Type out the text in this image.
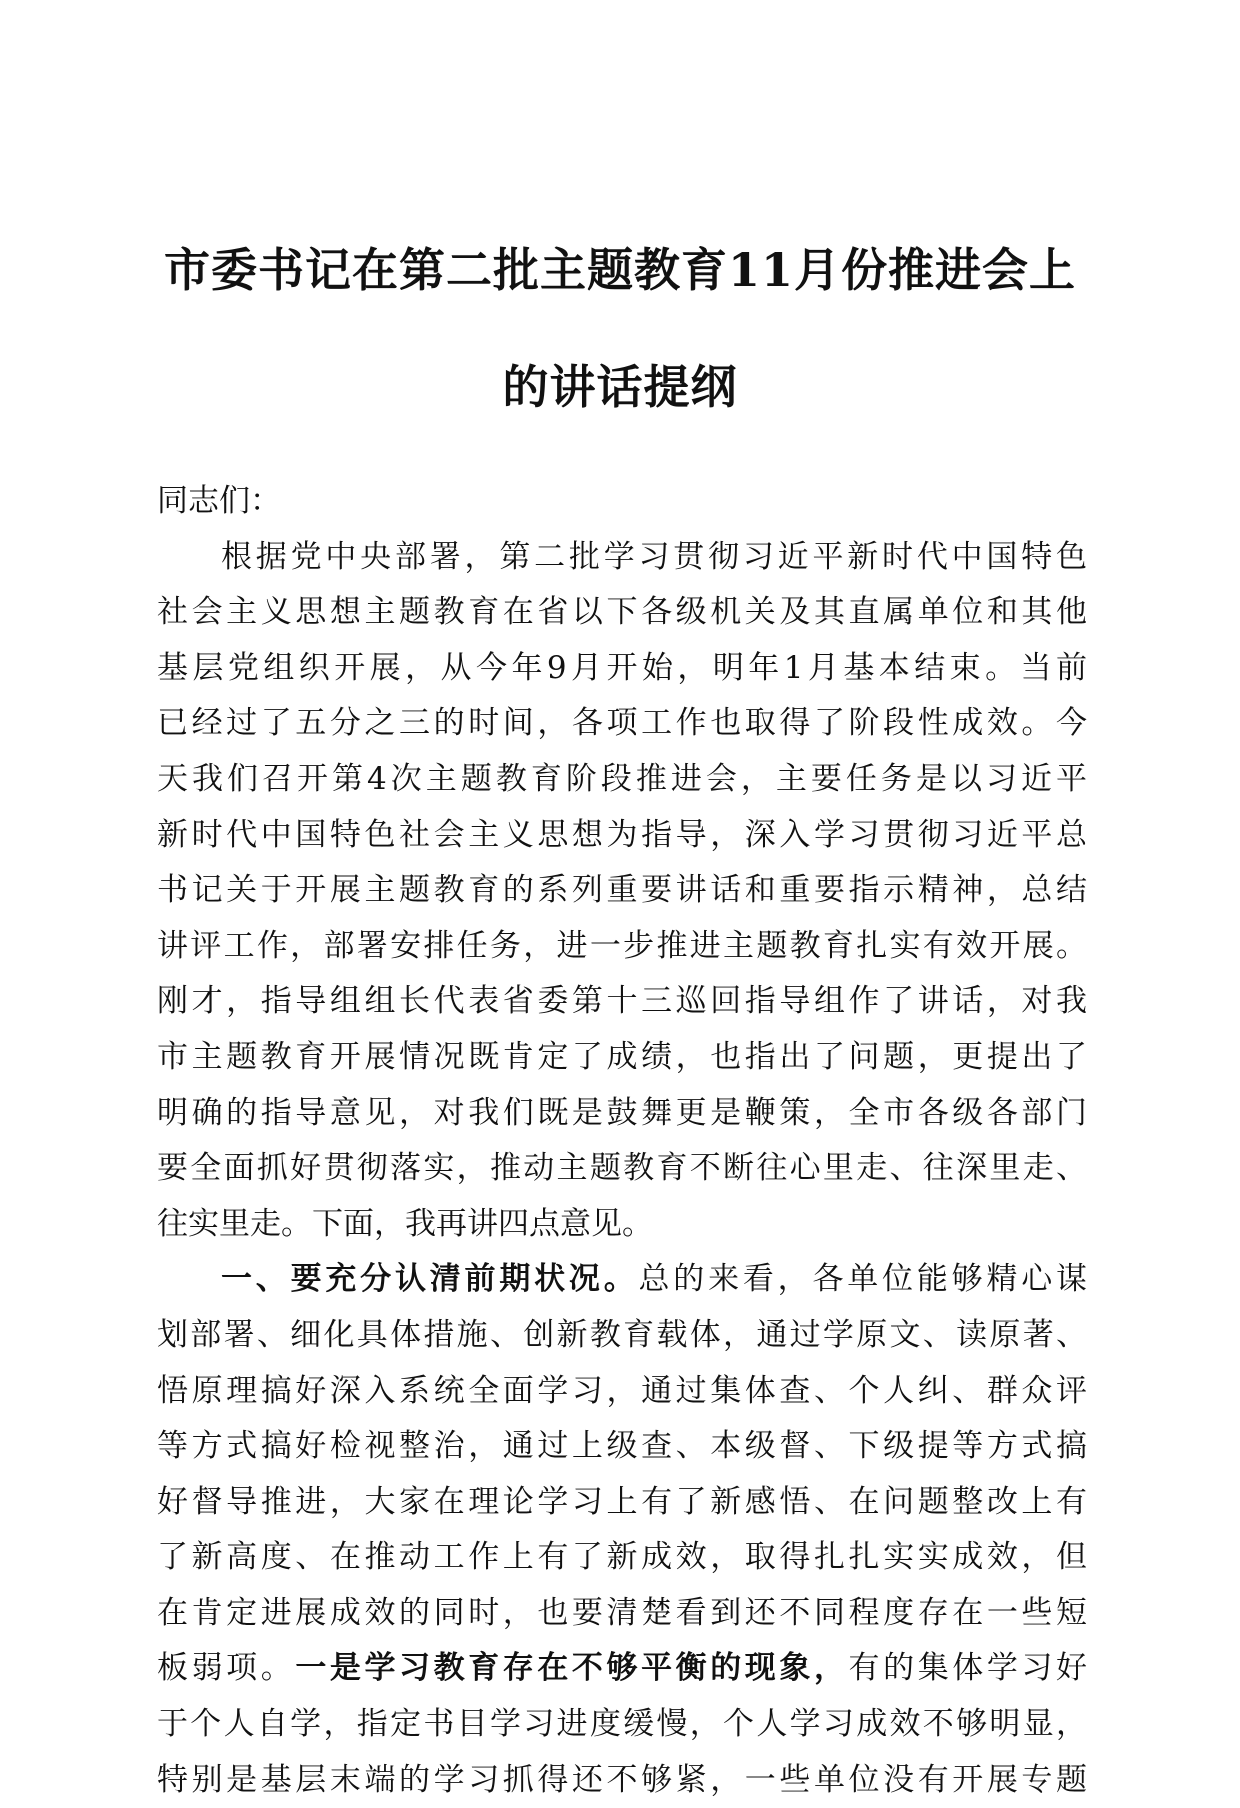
市委书记在第二批主题教育11月份推进会上
的讲话提纲
同志们：
根据党中央部署，第二批学习贯彻习近平新时代中国特色
社会主义思想主题教育在省以下各级机关及其直属单位和其他
基层党组织开展，从今年9月开始，明年1月基本结束。当前
已经过了五分之三的时间，各项工作也取得了阶段性成效。今
天我们召开第4次主题教育阶段推进会，主要任务是以习近平
新时代中国特色社会主义思想为指导，深入学习贯彻习近平总
书记关于开展主题教育的系列重要讲话和重要指示精神，总结
讲评工作，部署安排任务，进一步推进主题教育扎实有效开展。
刚才，指导组组长代表省委第十三巡回指导组作了讲话，对我
市主题教育开展情况既肯定了成绩，也指出了问题，更提出了
明确的指导意见，对我们既是鼓舞更是鞭策，全市各级各部门
要全面抓好贯彻落实，推动主题教育不断往心里走、往深里走、
往实里走。下面，我再讲四点意见。
一、要充分认清前期状况。总的来看，各单位能够精心谋
划部署、细化具体措施、创新教育载体，通过学原文、读原著、
悟原理搞好深入系统全面学习，通过集体查、个人纠、群众评
等方式搞好检视整治，通过上级查、本级督、下级提等方式搞
好督导推进，大家在理论学习上有了新感悟、在问题整改上有
了新高度、在推动工作上有了新成效，取得扎扎实实成效，但
在肯定进展成效的同时，也要清楚看到还不同程度存在一些短
板弱项。一是学习教育存在不够平衡的现象，有的集体学习好
于个人自学，指定书目学习进度缓慢，个人学习成效不够明显，
特别是基层末端的学习抓得还不够紧，一些单位没有开展专题
